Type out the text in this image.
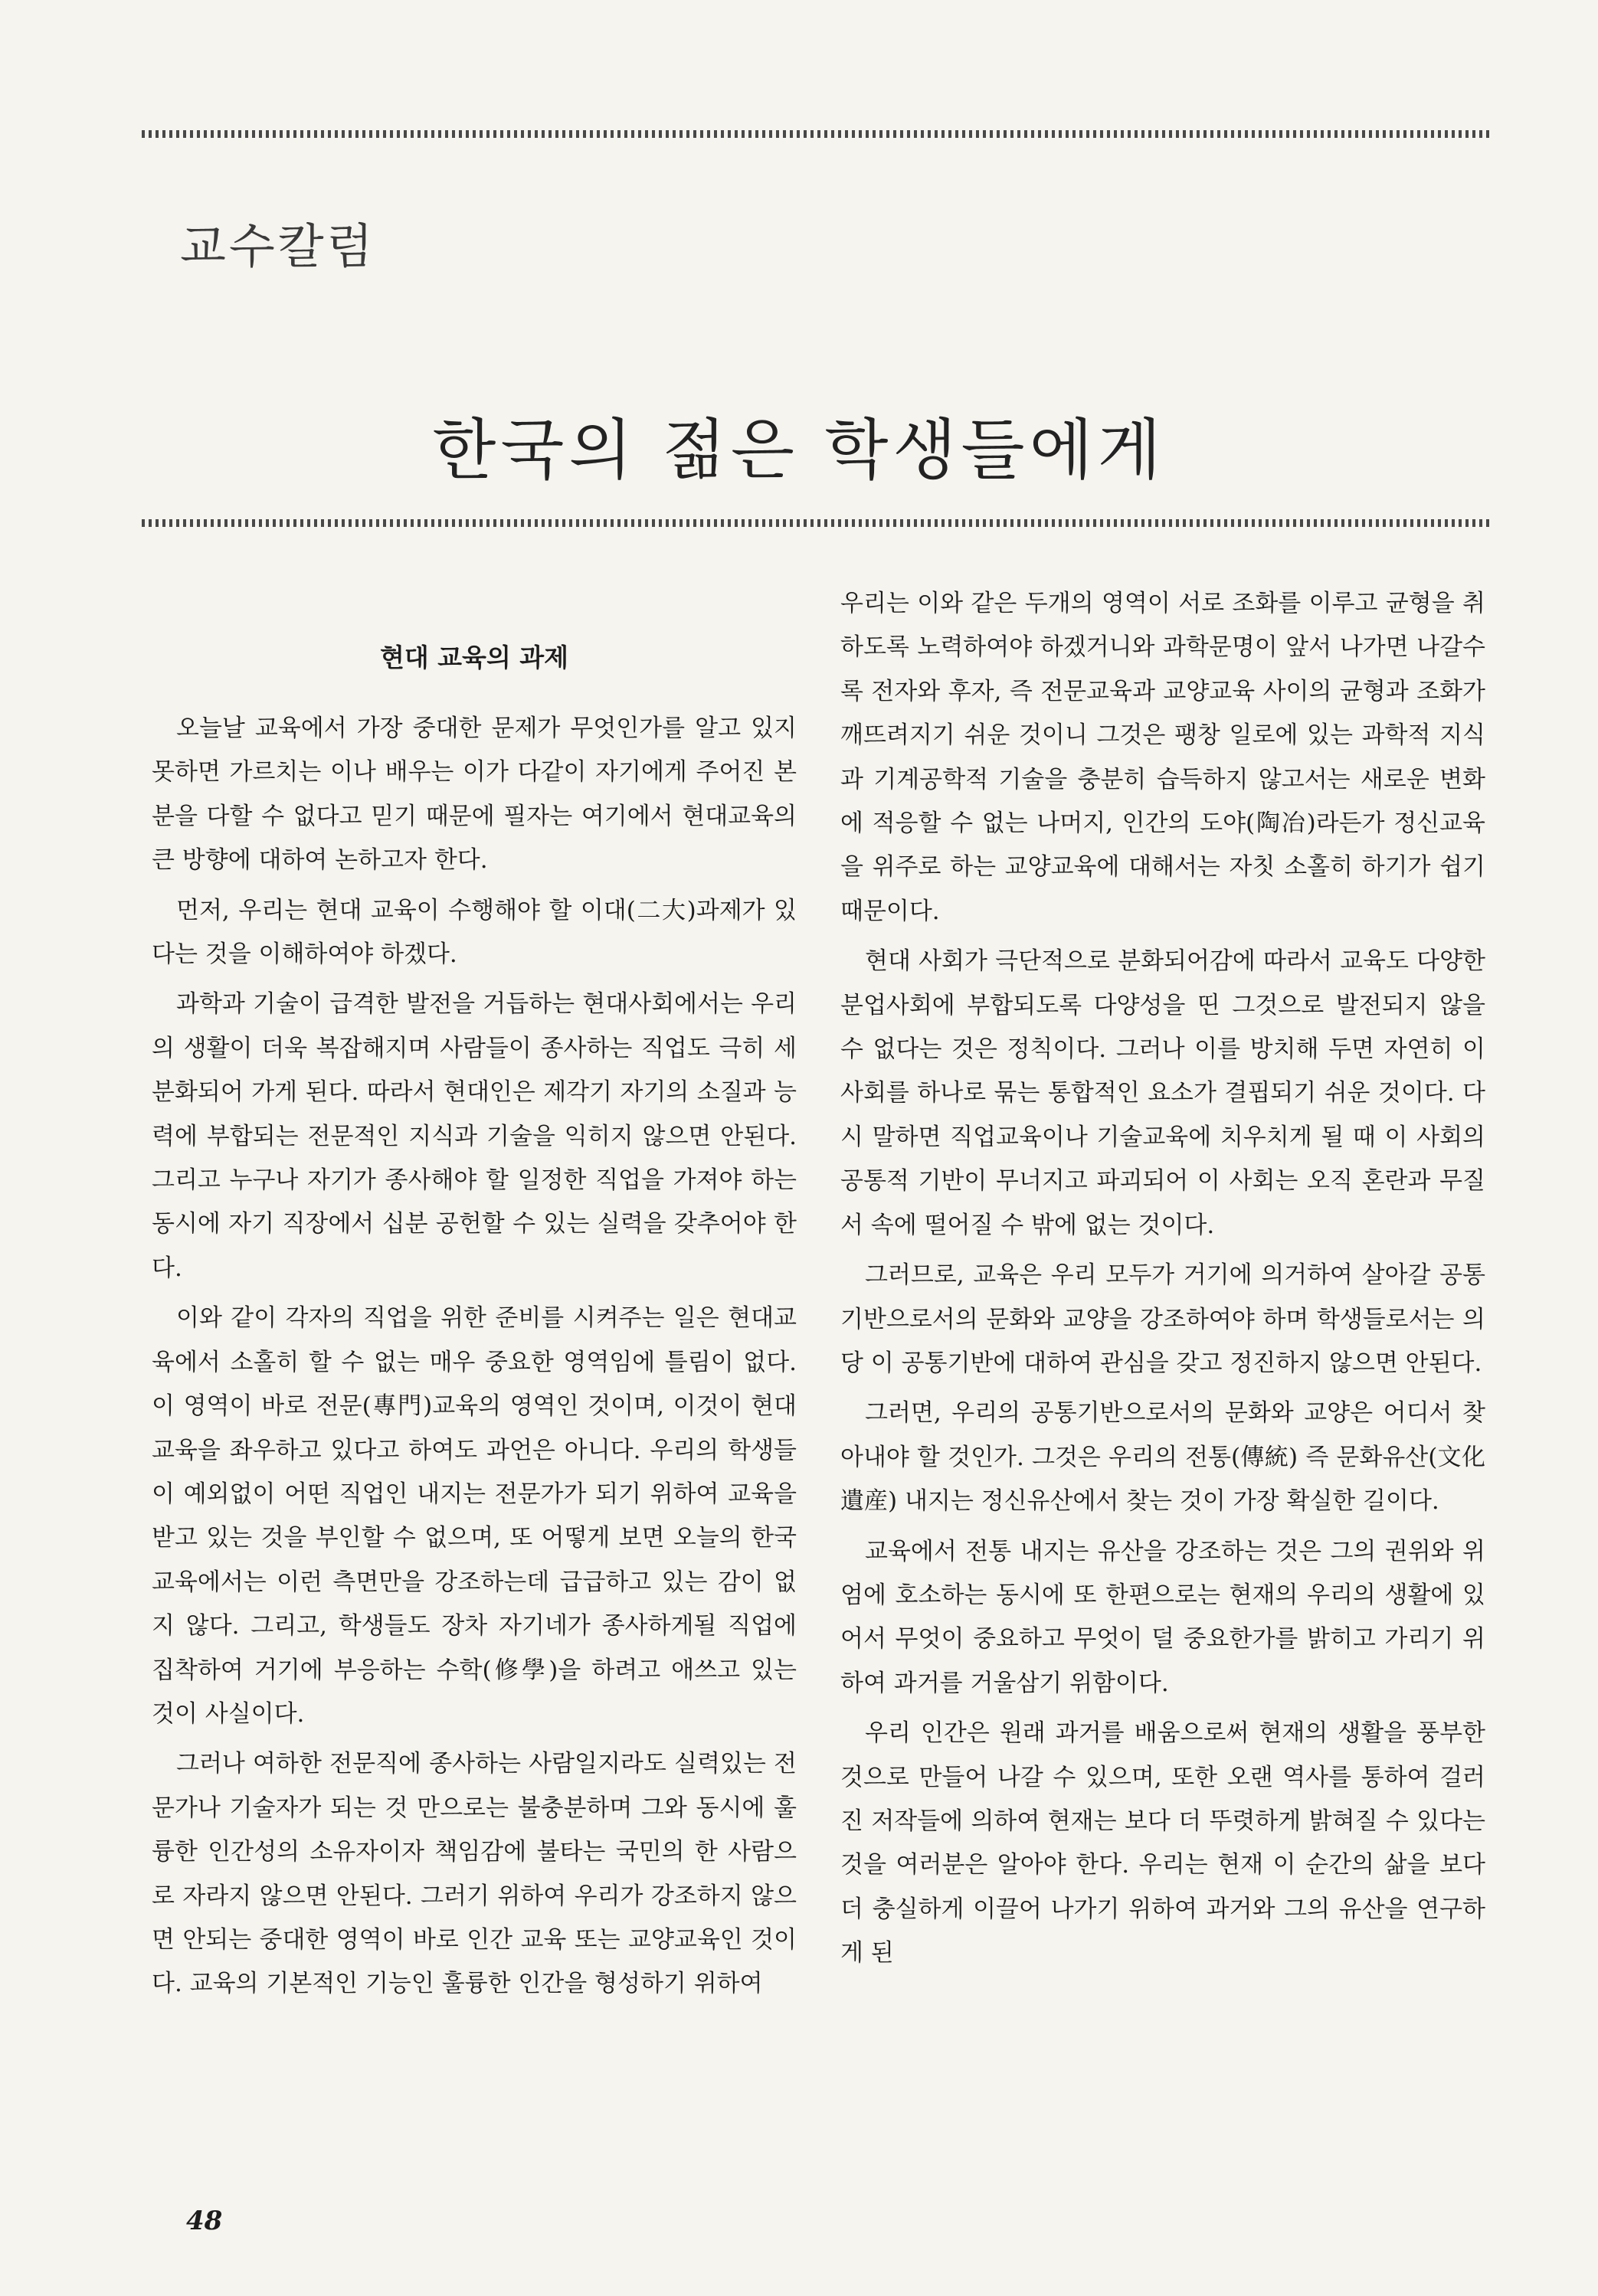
교수칼럼
한국의 젊은 학생들에게
현대 교육의 과제

오늘날 교육에서 가장 중대한 문제가 무엇인가를 알고 있지 못하면 가르치는 이나 배우는 이가 다같이 자기에게 주어진 본분을 다할 수 없다고 믿기 때문에 필자는 여기에서 현대교육의 큰 방향에 대하여 논하고자 한다.

먼저, 우리는 현대 교육이 수행해야 할 이대(二大)과제가 있다는 것을 이해하여야 하겠다.

과학과 기술이 급격한 발전을 거듭하는 현대사회에서는 우리의 생활이 더욱 복잡해지며 사람들이 종사하는 직업도 극히 세분화되어 가게 된다. 따라서 현대인은 제각기 자기의 소질과 능력에 부합되는 전문적인 지식과 기술을 익히지 않으면 안된다. 그리고 누구나 자기가 종사해야 할 일정한 직업을 가져야 하는 동시에 자기 직장에서 십분 공헌할 수 있는 실력을 갖추어야 한다.

이와 같이 각자의 직업을 위한 준비를 시켜주는 일은 현대교육에서 소홀히 할 수 없는 매우 중요한 영역임에 틀림이 없다. 이 영역이 바로 전문(專門)교육의 영역인 것이며, 이것이 현대교육을 좌우하고 있다고 하여도 과언은 아니다. 우리의 학생들이 예외없이 어떤 직업인 내지는 전문가가 되기 위하여 교육을 받고 있는 것을 부인할 수 없으며, 또 어떻게 보면 오늘의 한국교육에서는 이런 측면만을 강조하는데 급급하고 있는 감이 없지 않다. 그리고, 학생들도 장차 자기네가 종사하게될 직업에 집착하여 거기에 부응하는 수학(修學)을 하려고 애쓰고 있는 것이 사실이다.

그러나 여하한 전문직에 종사하는 사람일지라도 실력있는 전문가나 기술자가 되는 것 만으로는 불충분하며 그와 동시에 훌륭한 인간성의 소유자이자 책임감에 불타는 국민의 한 사람으로 자라지 않으면 안된다. 그러기 위하여 우리가 강조하지 않으면 안되는 중대한 영역이 바로 인간 교육 또는 교양교육인 것이다. 교육의 기본적인 기능인 훌륭한 인간을 형성하기 위하여

우리는 이와 같은 두개의 영역이 서로 조화를 이루고 균형을 취하도록 노력하여야 하겠거니와 과학문명이 앞서 나가면 나갈수록 전자와 후자, 즉 전문교육과 교양교육 사이의 균형과 조화가 깨뜨려지기 쉬운 것이니 그것은 팽창 일로에 있는 과학적 지식과 기계공학적 기술을 충분히 습득하지 않고서는 새로운 변화에 적응할 수 없는 나머지, 인간의 도야(陶冶)라든가 정신교육을 위주로 하는 교양교육에 대해서는 자칫 소홀히 하기가 쉽기 때문이다.

현대 사회가 극단적으로 분화되어감에 따라서 교육도 다양한 분업사회에 부합되도록 다양성을 띤 그것으로 발전되지 않을 수 없다는 것은 정칙이다. 그러나 이를 방치해 두면 자연히 이 사회를 하나로 묶는 통합적인 요소가 결핍되기 쉬운 것이다. 다시 말하면 직업교육이나 기술교육에 치우치게 될 때 이 사회의 공통적 기반이 무너지고 파괴되어 이 사회는 오직 혼란과 무질서 속에 떨어질 수 밖에 없는 것이다.

그러므로, 교육은 우리 모두가 거기에 의거하여 살아갈 공통기반으로서의 문화와 교양을 강조하여야 하며 학생들로서는 의당 이 공통기반에 대하여 관심을 갖고 정진하지 않으면 안된다.

그러면, 우리의 공통기반으로서의 문화와 교양은 어디서 찾아내야 할 것인가. 그것은 우리의 전통(傳統) 즉 문화유산(文化遺産) 내지는 정신유산에서 찾는 것이 가장 확실한 길이다.

교육에서 전통 내지는 유산을 강조하는 것은 그의 권위와 위엄에 호소하는 동시에 또 한편으로는 현재의 우리의 생활에 있어서 무엇이 중요하고 무엇이 덜 중요한가를 밝히고 가리기 위하여 과거를 거울삼기 위함이다.

우리 인간은 원래 과거를 배움으로써 현재의 생활을 풍부한 것으로 만들어 나갈 수 있으며, 또한 오랜 역사를 통하여 걸러진 저작들에 의하여 현재는 보다 더 뚜렷하게 밝혀질 수 있다는 것을 여러분은 알아야 한다. 우리는 현재 이 순간의 삶을 보다 더 충실하게 이끌어 나가기 위하여 과거와 그의 유산을 연구하게 된

48
